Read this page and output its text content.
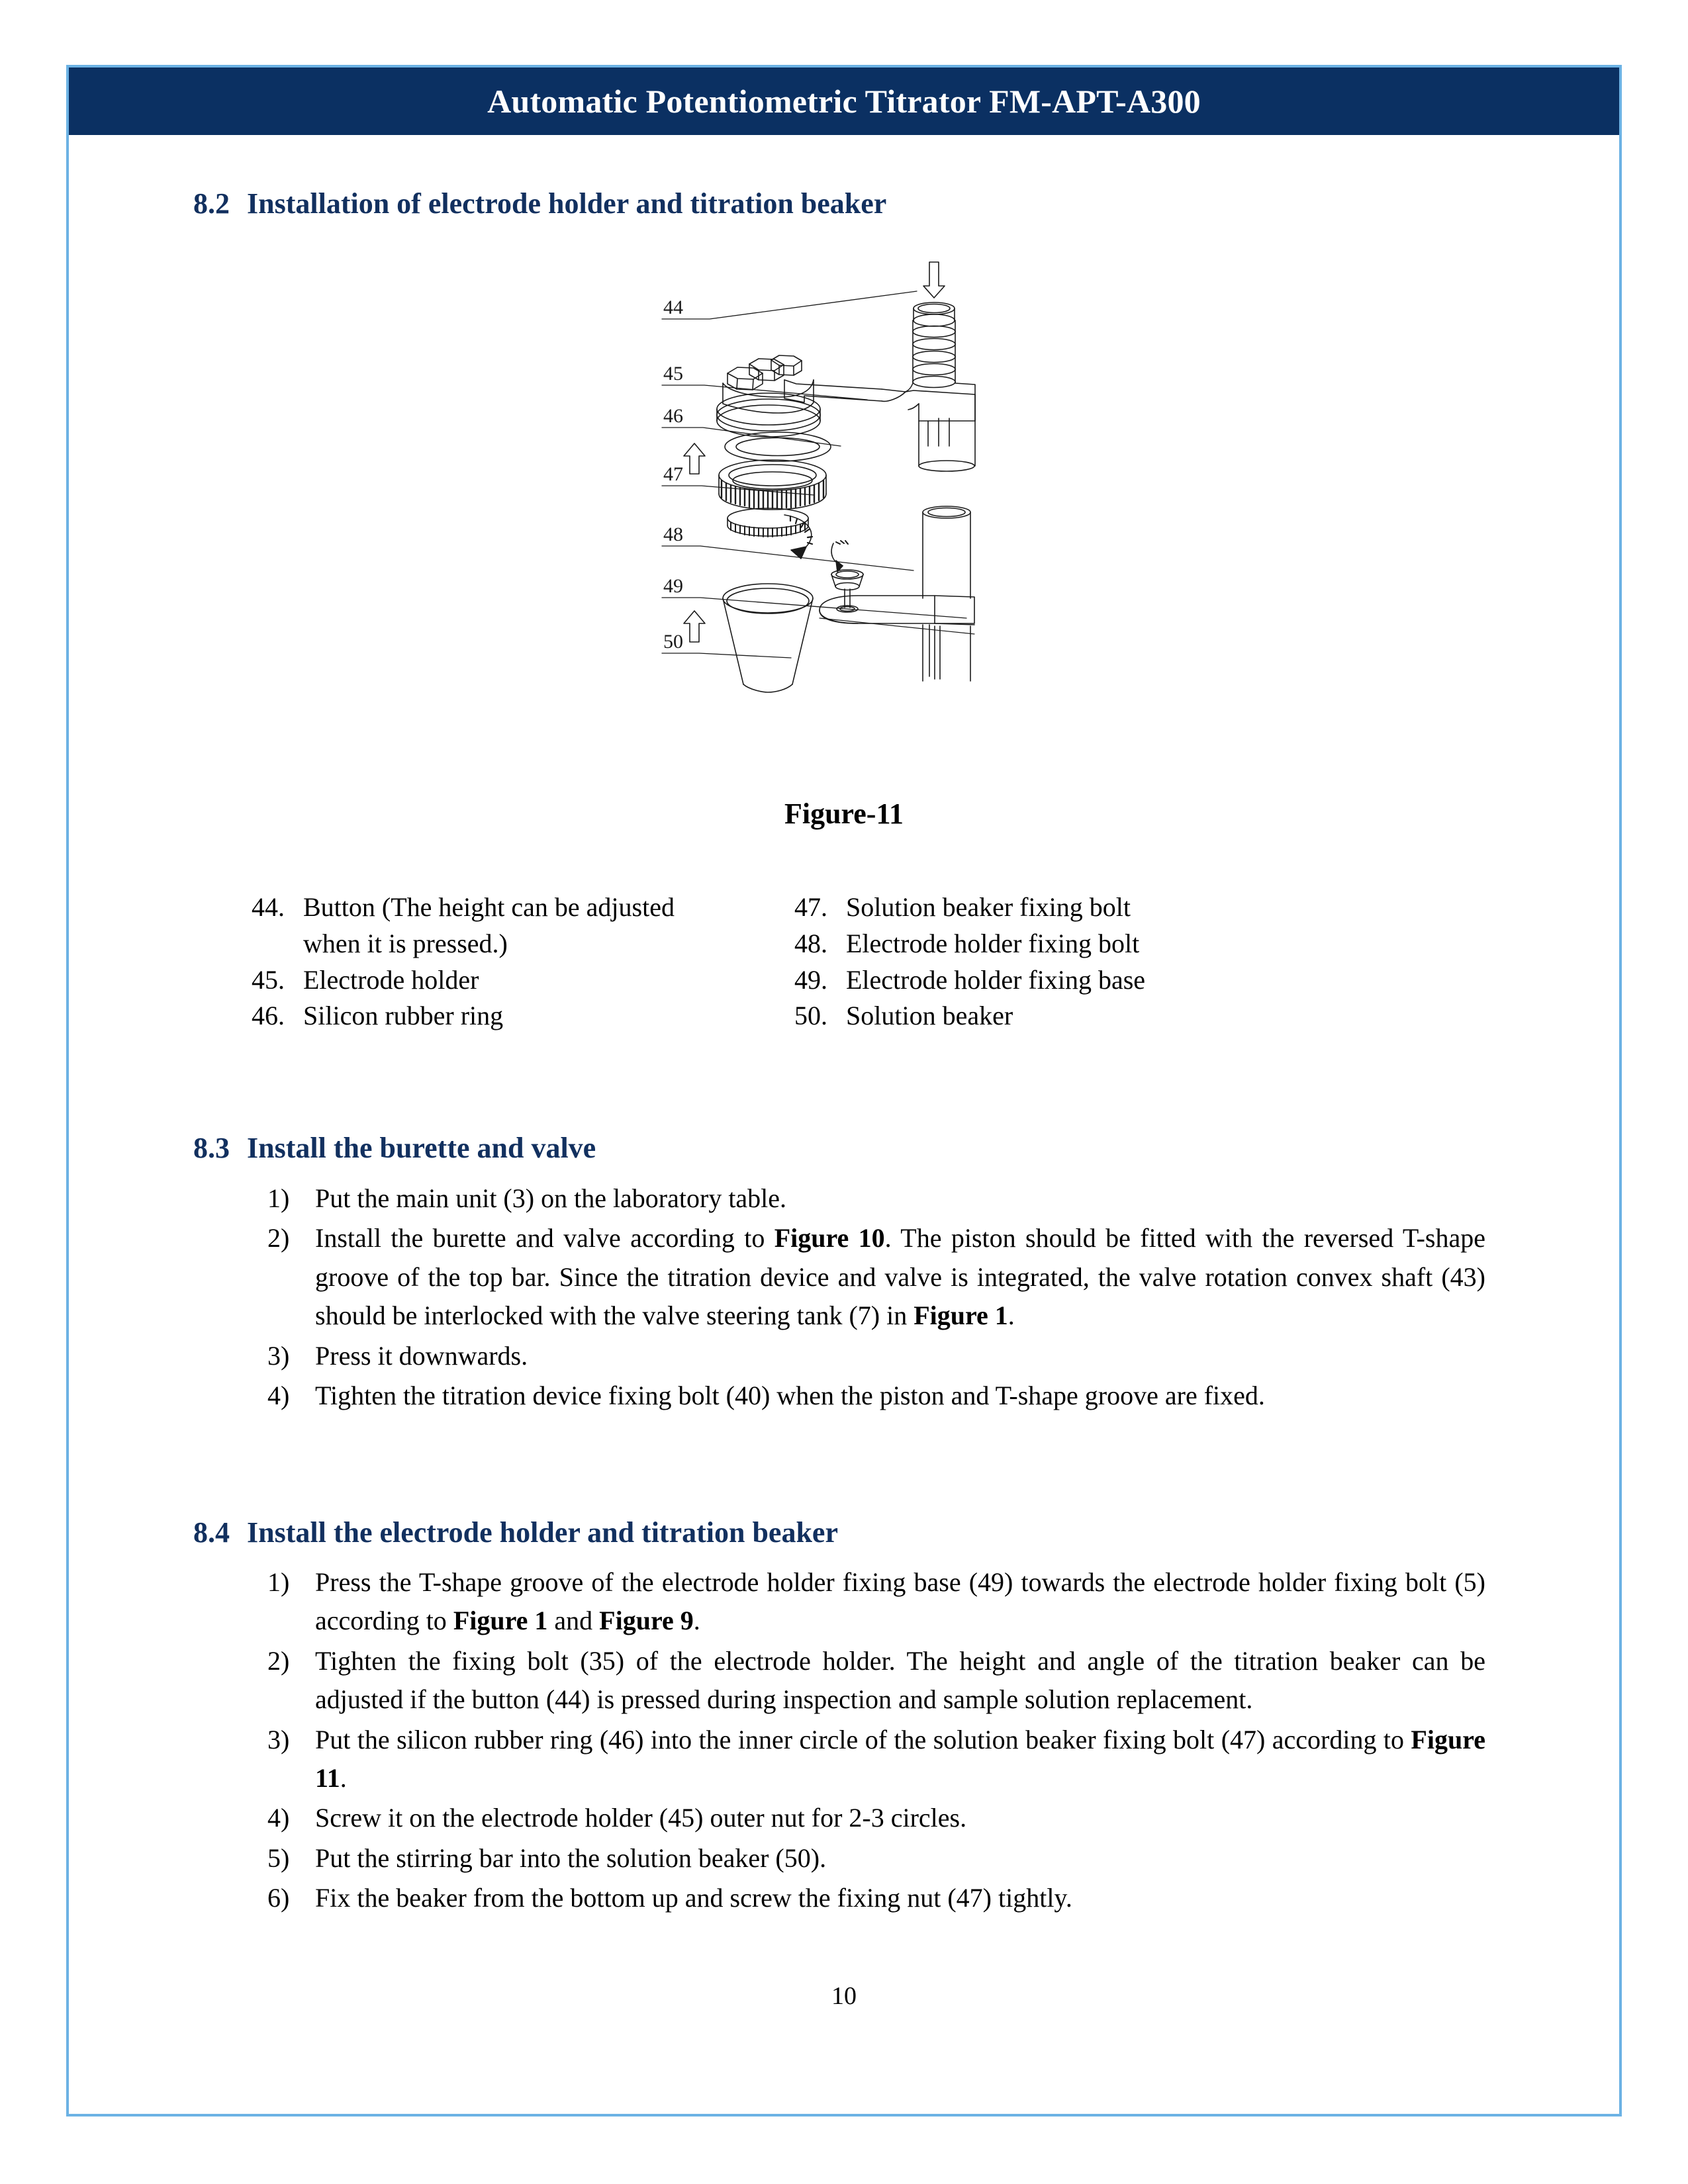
Automatic Potentiometric Titrator FM-APT-A300
8.2 Installation of electrode holder and titration beaker
44
45
46
47
48
49
50
Figure-11
44. Button (The height can be adjusted when it is pressed.)
45. Electrode holder
46. Silicon rubber ring
47. Solution beaker fixing bolt
48. Electrode holder fixing bolt
49. Electrode holder fixing base
50. Solution beaker
8.3 Install the burette and valve
1) Put the main unit (3) on the laboratory table.
2) Install the burette and valve according to Figure 10. The piston should be fitted with the reversed T-shape groove of the top bar. Since the titration device and valve is integrated, the valve rotation convex shaft (43) should be interlocked with the valve steering tank (7) in Figure 1.
3) Press it downwards.
4) Tighten the titration device fixing bolt (40) when the piston and T-shape groove are fixed.
8.4 Install the electrode holder and titration beaker
1) Press the T-shape groove of the electrode holder fixing base (49) towards the electrode holder fixing bolt (5) according to Figure 1 and Figure 9.
2) Tighten the fixing bolt (35) of the electrode holder. The height and angle of the titration beaker can be adjusted if the button (44) is pressed during inspection and sample solution replacement.
3) Put the silicon rubber ring (46) into the inner circle of the solution beaker fixing bolt (47) according to Figure 11.
4) Screw it on the electrode holder (45) outer nut for 2-3 circles.
5) Put the stirring bar into the solution beaker (50).
6) Fix the beaker from the bottom up and screw the fixing nut (47) tightly.
10
